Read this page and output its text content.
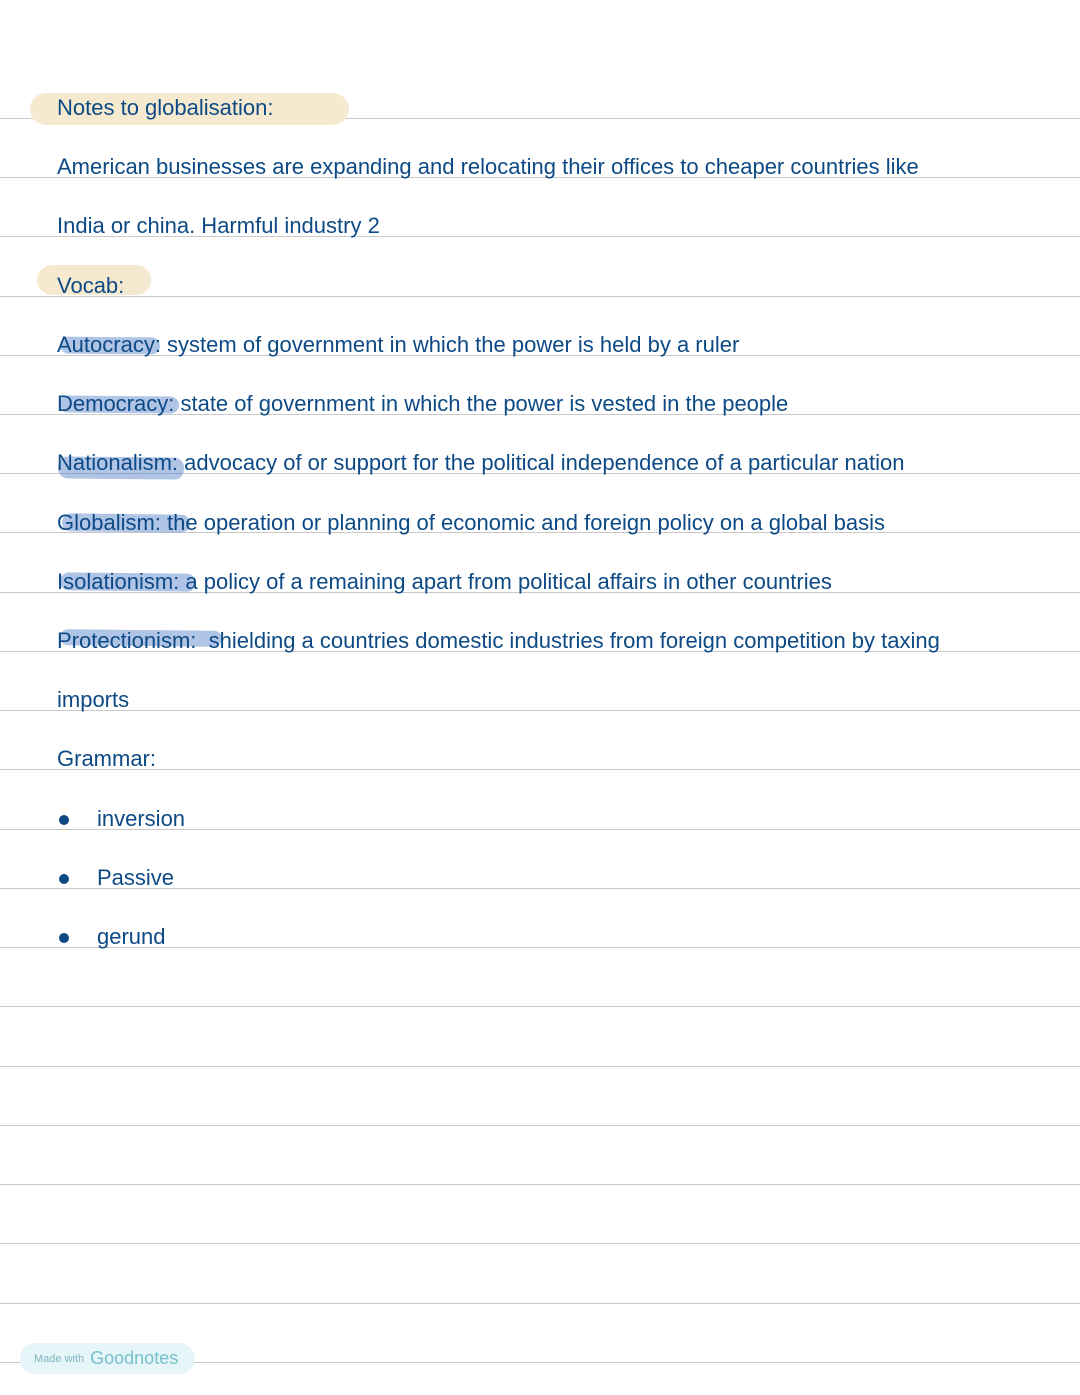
Notes to globalisation:
American businesses are expanding and relocating their offices to cheaper countries like
India or china. Harmful industry 2
Vocab:
Autocracy: system of government in which the power is held by a ruler
Democracy: state of government in which the power is vested in the people
Nationalism: advocacy of or support for the political independence of a particular nation
Globalism: the operation or planning of economic and foreign policy on a global basis
Isolationism: a policy of a remaining apart from political affairs in other countries
Protectionism:  shielding a countries domestic industries from foreign competition by taxing
imports
Grammar:
inversion
Passive
gerund
Made with Goodnotes
